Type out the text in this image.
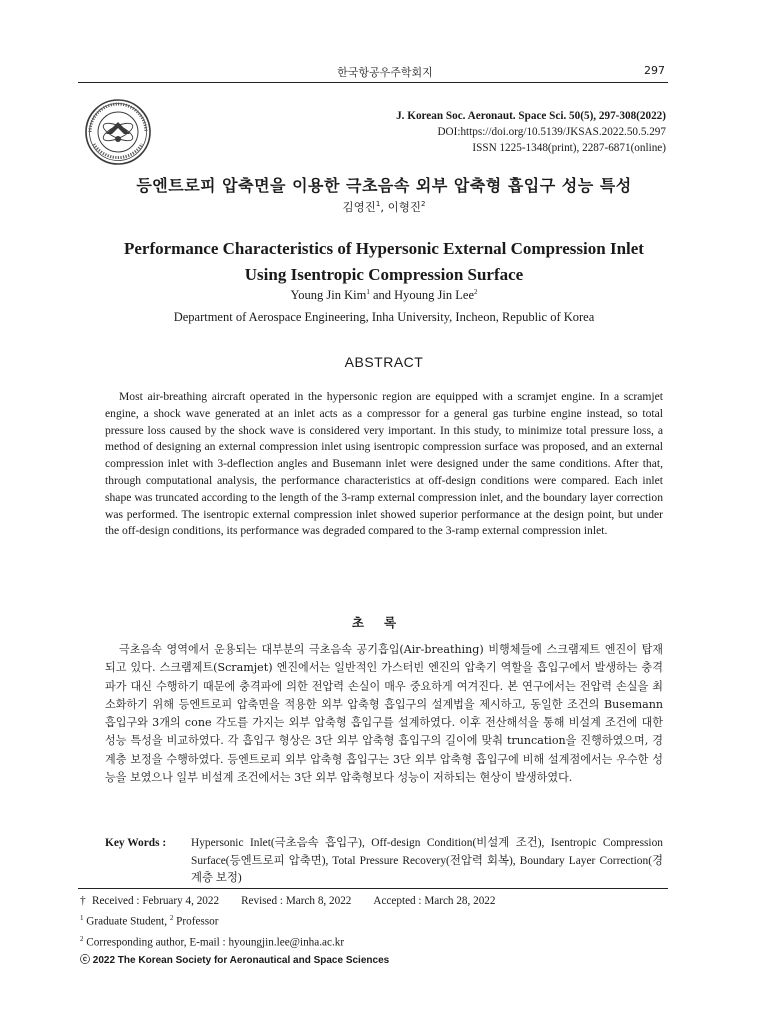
한국항공우주학회지	297
J. Korean Soc. Aeronaut. Space Sci. 50(5), 297-308(2022)
DOI:https://doi.org/10.5139/JKSAS.2022.50.5.297
ISSN 1225-1348(print), 2287-6871(online)
등엔트로피 압축면을 이용한 극초음속 외부 압축형 흡입구 성능 특성
김영진$^1$, 이형진$^2$
Performance Characteristics of Hypersonic External Compression Inlet
Using Isentropic Compression Surface
Young Jin Kim$^1$ and Hyoung Jin Lee$^2$
Department of Aerospace Engineering, Inha University, Incheon, Republic of Korea
ABSTRACT
Most air-breathing aircraft operated in the hypersonic region are equipped with a scramjet engine. In a scramjet engine, a shock wave generated at an inlet acts as a compressor for a general gas turbine engine instead, so total pressure loss caused by the shock wave is considered very important. In this study, to minimize total pressure loss, a method of designing an external compression inlet using isentropic compression surface was proposed, and an external compression inlet with 3-deflection angles and Busemann inlet were designed under the same conditions. After that, through computational analysis, the performance characteristics at off-design conditions were compared. Each inlet shape was truncated according to the length of the 3-ramp external compression inlet, and the boundary layer correction was performed. The isentropic external compression inlet showed superior performance at the design point, but under the off-design conditions, its performance was degraded compared to the 3-ramp external compression inlet.
초록
극초음속 영역에서 운용되는 대부분의 극초음속 공기흡입(Air-breathing) 비행체들에 스크램제트 엔진이 탑재되고 있다. 스크램제트(Scramjet) 엔진에서는 일반적인 가스터빈 엔진의 압축기 역할을 흡입구에서 발생하는 충격파가 대신 수행하기 때문에 충격파에 의한 전압력 손실이 매우 중요하게 여겨진다. 본 연구에서는 전압력 손실을 최소화하기 위해 등엔트로피 압축면을 적용한 외부 압축형 흡입구의 설계법을 제시하고, 동일한 조건의 Busemann 흡입구와 3개의 cone 각도를 가지는 외부 압축형 흡입구를 설계하였다. 이후 전산해석을 통해 비설계 조건에 대한 성능 특성을 비교하였다. 각 흡입구 형상은 3단 외부 압축형 흡입구의 길이에 맞춰 truncation을 진행하였으며, 경계층 보정을 수행하였다. 등엔트로피 외부 압축형 흡입구는 3단 외부 압축형 흡입구에 비해 설계점에서는 우수한 성능을 보였으나 일부 비설계 조건에서는 3단 외부 압축형보다 성능이 저하되는 현상이 발생하였다.
Key Words : Hypersonic Inlet(극초음속 흡입구), Off-design Condition(비설계 조건), Isentropic Compression Surface(등엔트로피 압축면), Total Pressure Recovery(전압력 회복), Boundary Layer Correction(경계층 보정)
† Received : February 4, 2022 Revised : March 8, 2022 Accepted : March 28, 2022
$^1$ Graduate Student, $^2$ Professor
$^2$ Corresponding author, E-mail : hyoungjin.lee@inha.ac.kr
ⓒ 2022 The Korean Society for Aeronautical and Space Sciences
